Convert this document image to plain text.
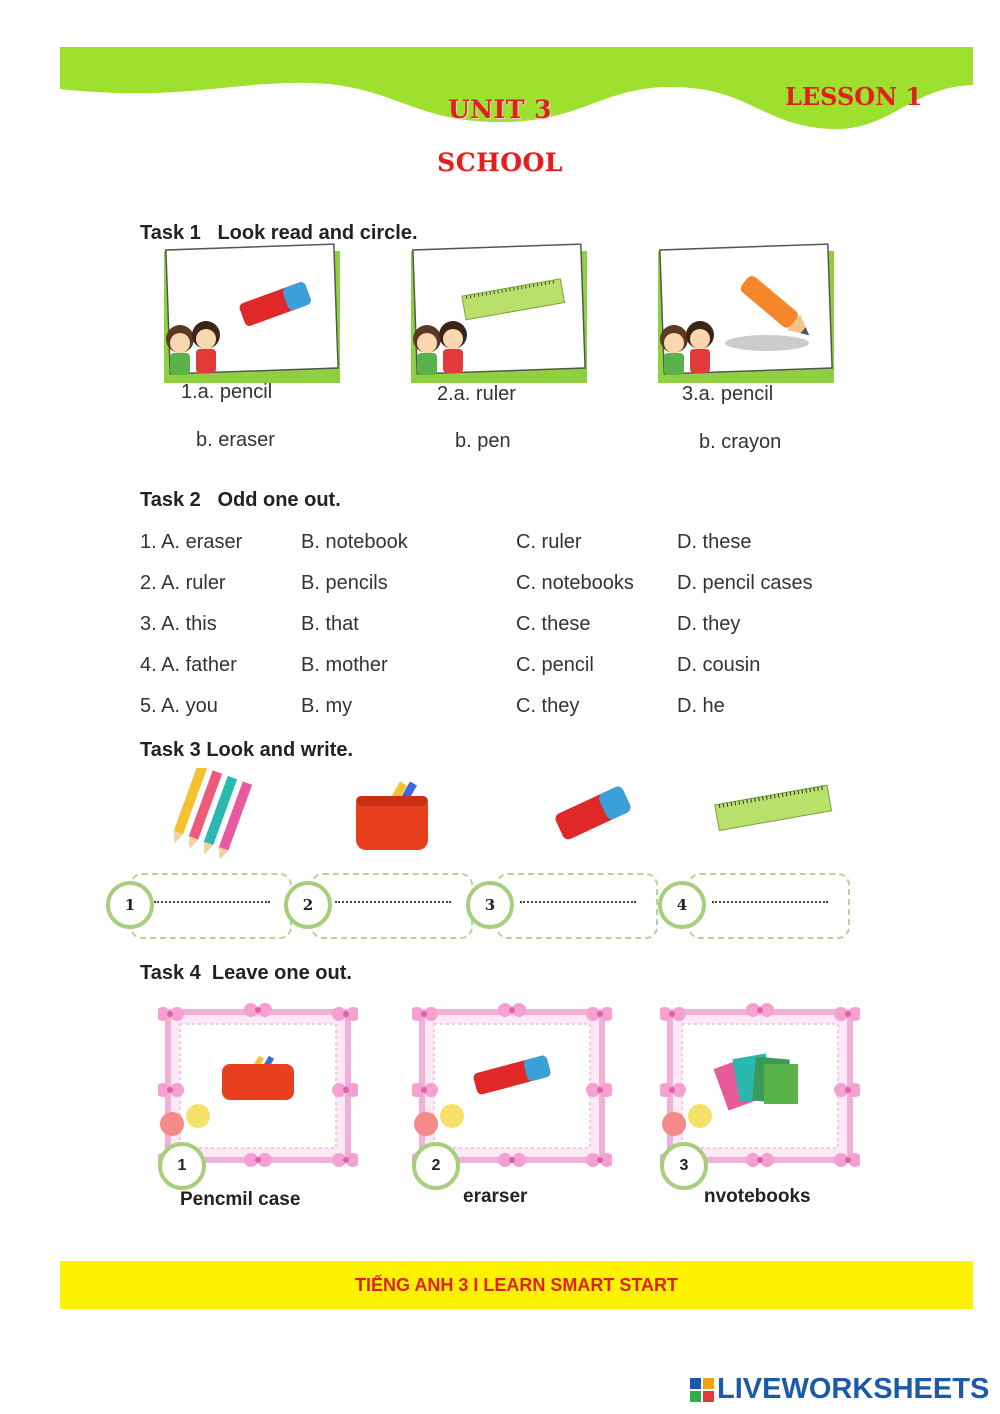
UNIT 3
SCHOOL
LESSON 1
Task 1   Look read and circle.
1.a. pencil
b. eraser
2.a. ruler
b. pen
3.a. pencil
b. crayon
Task 2   Odd one out.
1. A. eraser	B. notebook	C. ruler	D. these
2. A. ruler	B. pencils	C. notebooks D. pencil cases
3. A. this	B. that	C. these	D. they
4. A. father	B. mother	C. pencil	D. cousin
5. A. you	B. my	C. they	D. he
Task 3 Look and write.
1	2	3	4
Task 4  Leave one out.
1
Pencmil case
2
erarser
3
nvotebooks
TIẾNG ANH 3 I LEARN SMART START
LIVEWORKSHEETS
